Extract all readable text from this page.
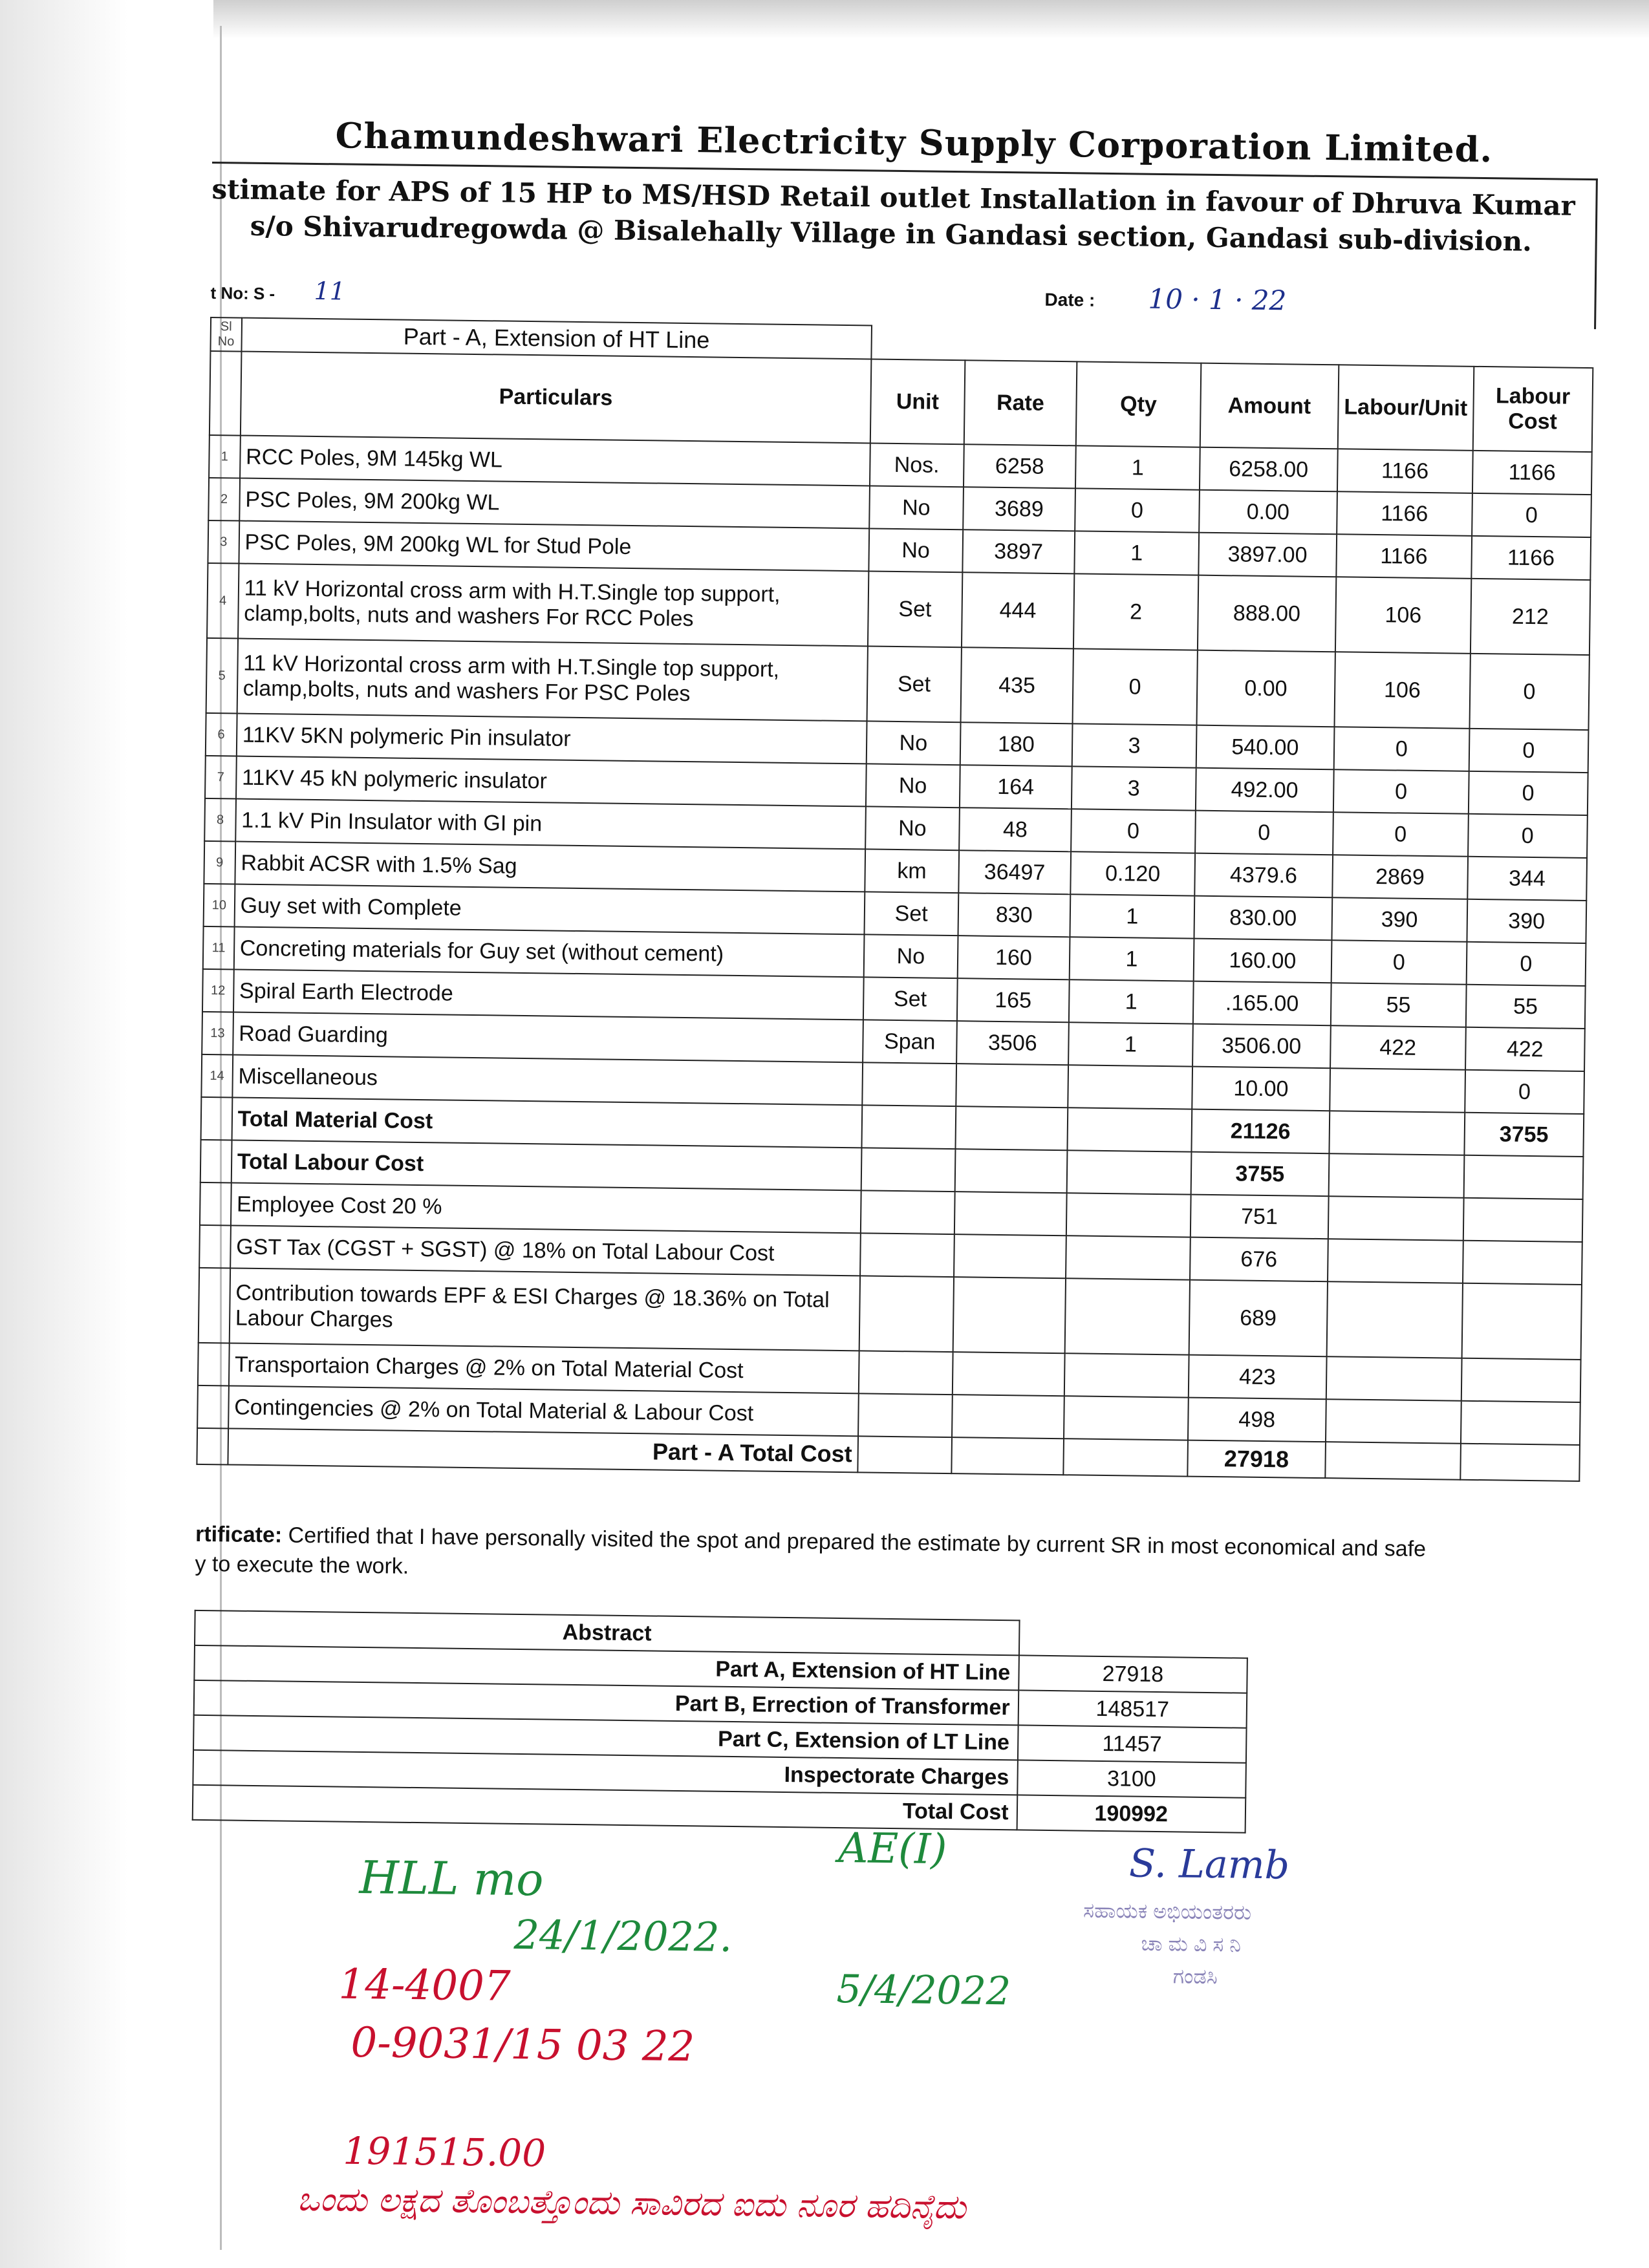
Chamundeshwari Electricity Supply Corporation Limited.
stimate for APS of 15 HP to MS/HSD Retail outlet Installation in favour of Dhruva Kumar
s/o Shivarudregowda @ Bisalehally Village in Gandasi section, Gandasi sub-division.
t No: S - 11	Date : 10 · 1 · 22
Sl
No	Part - A, Extension of HT Line						
	Particulars	Unit	Rate	Qty	Amount	Labour/Unit	Labour Cost
1	RCC Poles, 9M 145kg WL	Nos.	6258	1	6258.00	1166	1166
2	PSC Poles, 9M 200kg WL	No	3689	0	0.00	1166	0
3	PSC Poles, 9M 200kg WL for Stud Pole	No	3897	1	3897.00	1166	1166
4	11 kV Horizontal cross arm with H.T.Single top support, clamp,bolts, nuts and washers For RCC Poles	Set	444	2	888.00	106	212
5	11 kV Horizontal cross arm with H.T.Single top support, clamp,bolts, nuts and washers For PSC Poles	Set	435	0	0.00	106	0
6	11KV 5KN polymeric Pin insulator	No	180	3	540.00	0	0
7	11KV 45 kN polymeric insulator	No	164	3	492.00	0	0
8	1.1 kV Pin Insulator with GI pin	No	48	0	0	0	0
9	Rabbit ACSR with 1.5% Sag	km	36497	0.120	4379.6	2869	344
10	Guy set with Complete	Set	830	1	830.00	390	390
11	Concreting materials for Guy set (without cement)	No	160	1	160.00	0	0
12	Spiral Earth Electrode	Set	165	1	.165.00	55	55
13	Road Guarding	Span	3506	1	3506.00	422	422
14	Miscellaneous				10.00		0
	Total Material Cost				21126		3755
	Total Labour Cost				3755		
	Employee Cost 20 %				751		
	GST Tax (CGST + SGST) @ 18% on Total Labour Cost				676		
	Contribution towards EPF & ESI Charges @ 18.36% on Total Labour Charges				689		
	Transportaion Charges @ 2% on Total Material Cost				423		
	Contingencies @ 2% on Total Material & Labour Cost				498		
	Part - A Total Cost				27918		
rtificate: Certified that I have personally visited the spot and prepared the estimate by current SR in most economical and safe
y to execute the work.
Abstract	
Part A, Extension of HT Line	27918
Part B, Errection of Transformer	148517
Part C, Extension of LT Line	11457
Inspectorate Charges	3100
Total Cost	190992
HLL mo
24/1/2022.
14-4007
0-9031/15 03 22
191515.00
ಒಂದು ಲಕ್ಷದ ತೊಂಬತ್ತೊಂದು ಸಾವಿರದ ಐದು ನೂರ ಹದಿನೈದು
AE(I)
5/4/2022
S. Lamb
ಸಹಾಯಕ ಅಭಿಯಂತರರು
ಚಾ ಮ ವಿ ಸ ನಿ
ಗಂಡಸಿ
